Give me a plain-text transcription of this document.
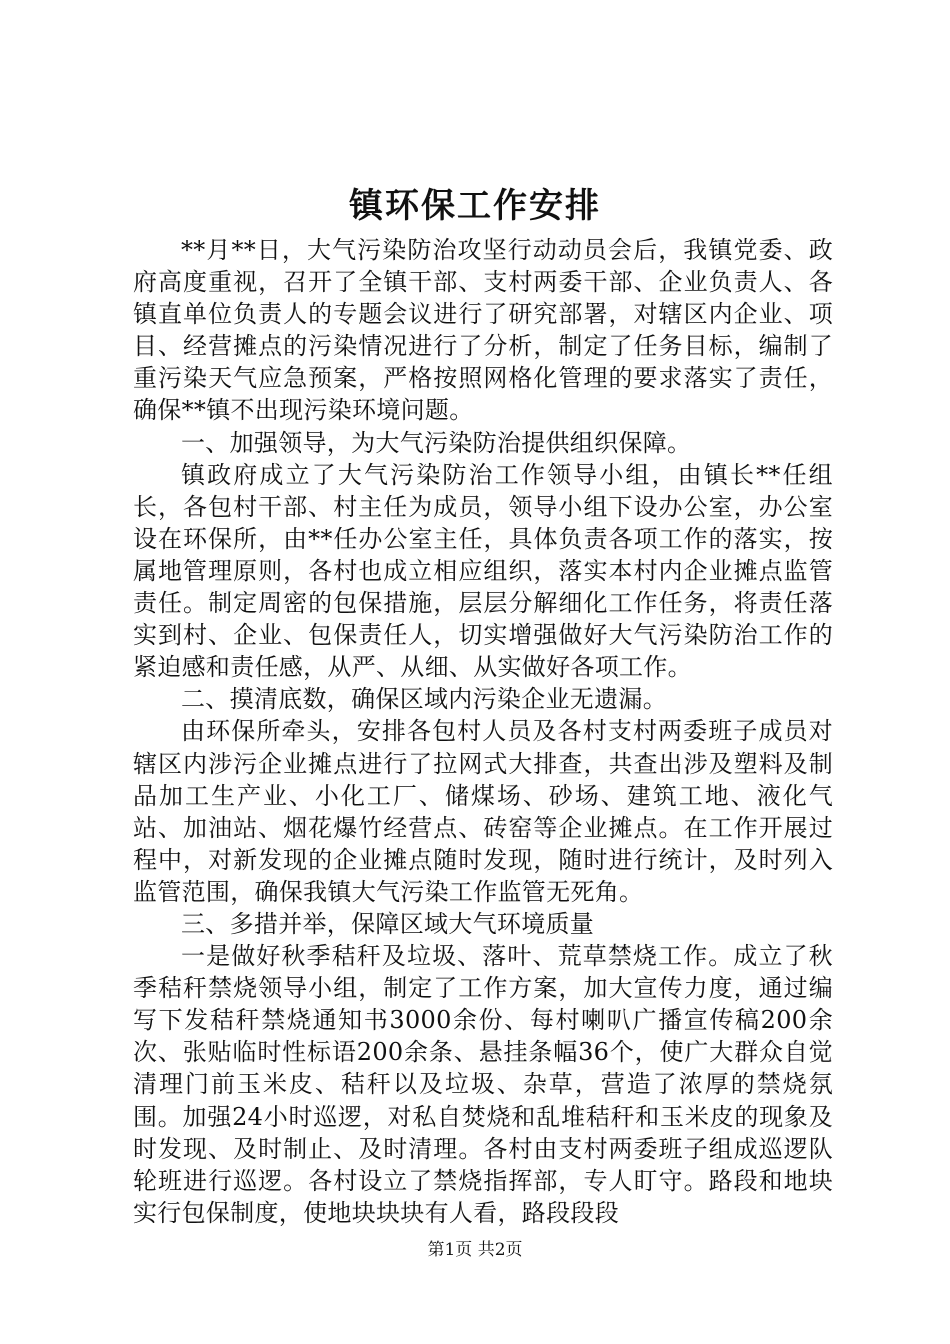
镇环保工作安排

**月**日，大气污染防治攻坚行动动员会后，我镇党委、政府高度重视，召开了全镇干部、支村两委干部、企业负责人、各镇直单位负责人的专题会议进行了研究部署，对辖区内企业、项目、经营摊点的污染情况进行了分析，制定了任务目标，编制了重污染天气应急预案，严格按照网格化管理的要求落实了责任，确保**镇不出现污染环境问题。

一、加强领导，为大气污染防治提供组织保障。

镇政府成立了大气污染防治工作领导小组，由镇长**任组长，各包村干部、村主任为成员，领导小组下设办公室，办公室设在环保所，由**任办公室主任，具体负责各项工作的落实，按属地管理原则，各村也成立相应组织，落实本村内企业摊点监管责任。制定周密的包保措施，层层分解细化工作任务，将责任落实到村、企业、包保责任人，切实增强做好大气污染防治工作的紧迫感和责任感，从严、从细、从实做好各项工作。

二、摸清底数，确保区域内污染企业无遗漏。

由环保所牵头，安排各包村人员及各村支村两委班子成员对辖区内涉污企业摊点进行了拉网式大排查，共查出涉及塑料及制品加工生产业、小化工厂、储煤场、砂场、建筑工地、液化气站、加油站、烟花爆竹经营点、砖窑等企业摊点。在工作开展过程中，对新发现的企业摊点随时发现，随时进行统计，及时列入监管范围，确保我镇大气污染工作监管无死角。

三、多措并举，保障区域大气环境质量

一是做好秋季秸秆及垃圾、落叶、荒草禁烧工作。成立了秋季秸秆禁烧领导小组，制定了工作方案，加大宣传力度，通过编写下发秸秆禁烧通知书3000余份、每村喇叭广播宣传稿200余次、张贴临时性标语200余条、悬挂条幅36个，使广大群众自觉清理门前玉米皮、秸秆以及垃圾、杂草，营造了浓厚的禁烧氛围。加强24小时巡逻，对私自焚烧和乱堆秸秆和玉米皮的现象及时发现、及时制止、及时清理。各村由支村两委班子组成巡逻队轮班进行巡逻。各村设立了禁烧指挥部，专人盯守。路段和地块实行包保制度，使地块块块有人看，路段段段

第1页 共2页
